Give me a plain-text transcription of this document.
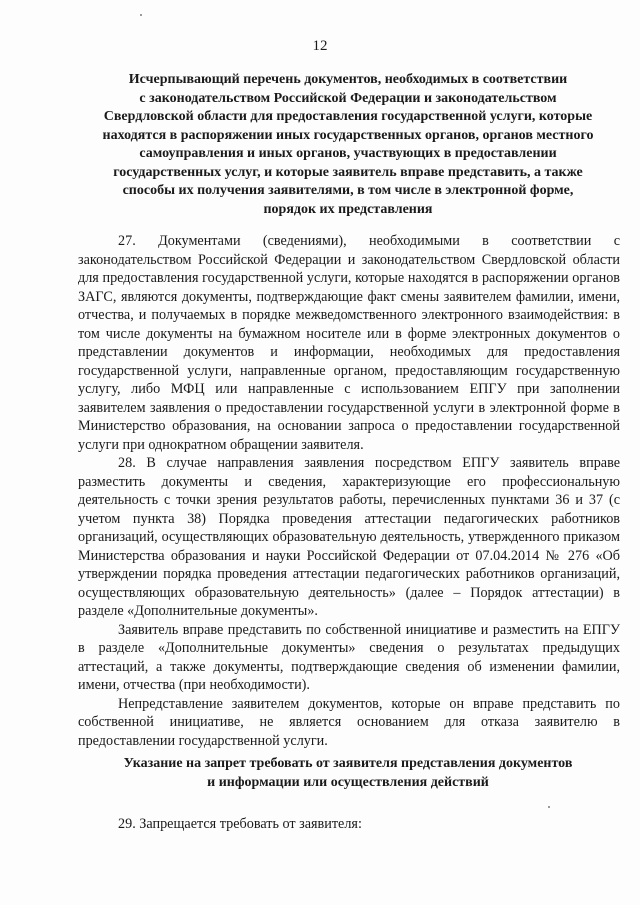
12
Исчерпывающий перечень документов, необходимых в соответствии
с законодательством Российской Федерации и законодательством
Свердловской области для предоставления государственной услуги, которые
находятся в распоряжении иных государственных органов, органов местного
самоуправления и иных органов, участвующих в предоставлении
государственных услуг, и которые заявитель вправе представить, а также
способы их получения заявителями, в том числе в электронной форме,
порядок их представления

27. Документами (сведениями), необходимыми в соответствии с законодательством Российской Федерации и законодательством Свердловской области для предоставления государственной услуги, которые находятся в распоряжении органов ЗАГС, являются документы, подтверждающие факт смены заявителем фамилии, имени, отчества, и получаемых в порядке межведомственного электронного взаимодействия: в том числе документы на бумажном носителе или в форме электронных документов о представлении документов и информации, необходимых для предоставления государственной услуги, направленные органом, предоставляющим государственную услугу, либо МФЦ или направленные с использованием ЕПГУ при заполнении заявителем заявления о предоставлении государственной услуги в электронной форме в Министерство образования, на основании запроса о предоставлении государственной услуги при однократном обращении заявителя.

28. В случае направления заявления посредством ЕПГУ заявитель вправе разместить документы и сведения, характеризующие его профессиональную деятельность с точки зрения результатов работы, перечисленных пунктами 36 и 37 (с учетом пункта 38) Порядка проведения аттестации педагогических работников организаций, осуществляющих образовательную деятельность, утвержденного приказом Министерства образования и науки Российской Федерации от 07.04.2014 № 276 «Об утверждении порядка проведения аттестации педагогических работников организаций, осуществляющих образовательную деятельность» (далее – Порядок аттестации) в разделе «Дополнительные документы».

Заявитель вправе представить по собственной инициативе и разместить на ЕПГУ в разделе «Дополнительные документы» сведения о результатах предыдущих аттестаций, а также документы, подтверждающие сведения об изменении фамилии, имени, отчества (при необходимости).

Непредставление заявителем документов, которые он вправе представить по собственной инициативе, не является основанием для отказа заявителю в предоставлении государственной услуги.

Указание на запрет требовать от заявителя представления документов
и информации или осуществления действий

29. Запрещается требовать от заявителя:
